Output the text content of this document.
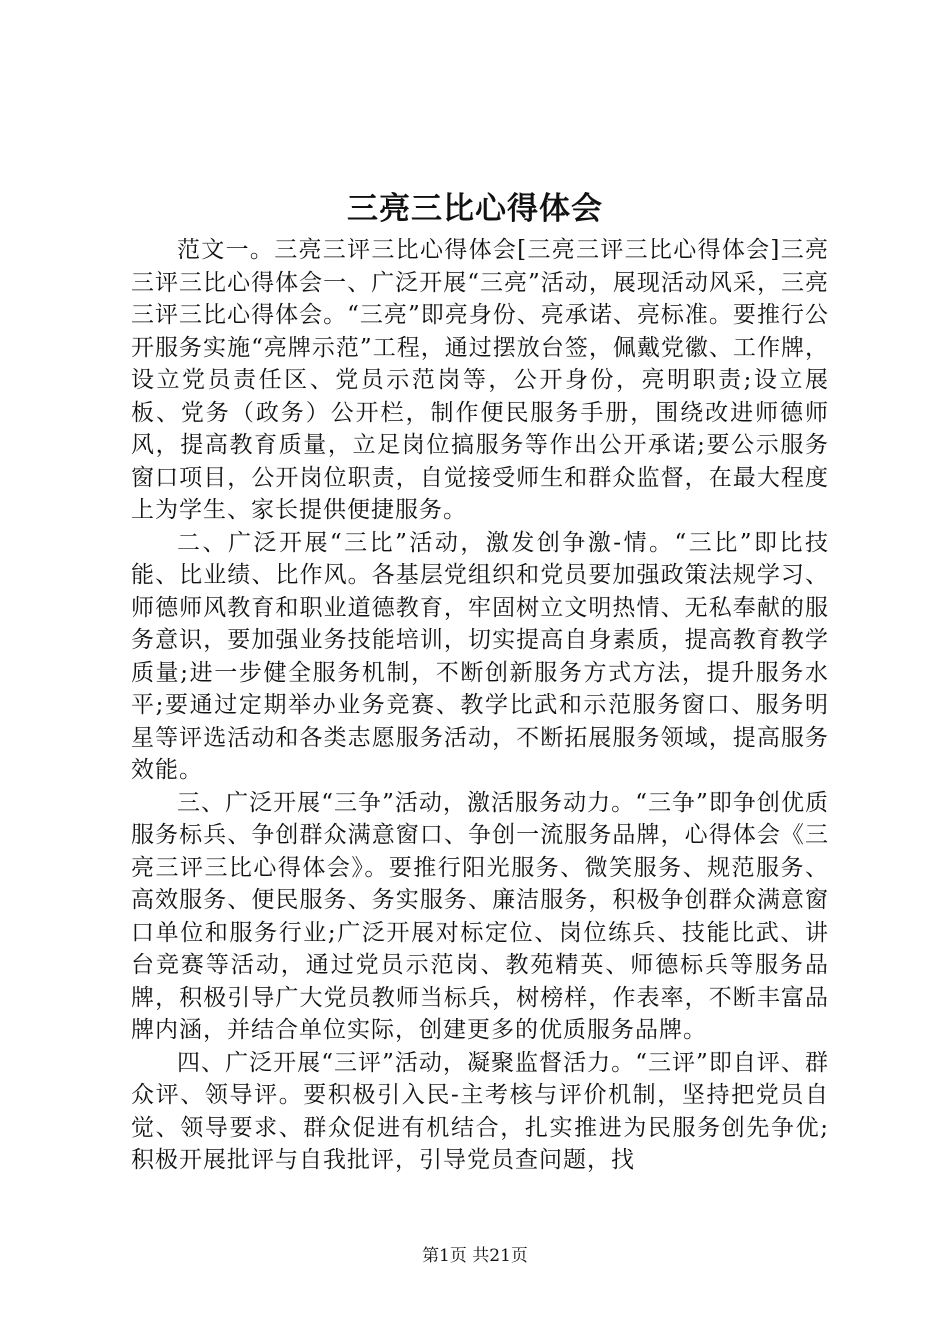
三亮三比心得体会

范文一。三亮三评三比心得体会[三亮三评三比心得体会]三亮三评三比心得体会一、广泛开展“三亮”活动，展现活动风采，三亮三评三比心得体会。“三亮”即亮身份、亮承诺、亮标准。要推行公开服务实施“亮牌示范”工程，通过摆放台签，佩戴党徽、工作牌，设立党员责任区、党员示范岗等，公开身份，亮明职责;设立展板、党务（政务）公开栏，制作便民服务手册，围绕改进师德师风，提高教育质量，立足岗位搞服务等作出公开承诺;要公示服务窗口项目，公开岗位职责，自觉接受师生和群众监督，在最大程度上为学生、家长提供便捷服务。

二、广泛开展“三比”活动，激发创争激-情。“三比”即比技能、比业绩、比作风。各基层党组织和党员要加强政策法规学习、师德师风教育和职业道德教育，牢固树立文明热情、无私奉献的服务意识，要加强业务技能培训，切实提高自身素质，提高教育教学质量;进一步健全服务机制，不断创新服务方式方法，提升服务水平;要通过定期举办业务竞赛、教学比武和示范服务窗口、服务明星等评选活动和各类志愿服务活动，不断拓展服务领域，提高服务效能。

三、广泛开展“三争”活动，激活服务动力。“三争”即争创优质服务标兵、争创群众满意窗口、争创一流服务品牌，心得体会《三亮三评三比心得体会》。要推行阳光服务、微笑服务、规范服务、高效服务、便民服务、务实服务、廉洁服务，积极争创群众满意窗口单位和服务行业;广泛开展对标定位、岗位练兵、技能比武、讲台竞赛等活动，通过党员示范岗、教苑精英、师德标兵等服务品牌，积极引导广大党员教师当标兵，树榜样，作表率，不断丰富品牌内涵，并结合单位实际，创建更多的优质服务品牌。

四、广泛开展“三评”活动，凝聚监督活力。“三评”即自评、群众评、领导评。要积极引入民-主考核与评价机制，坚持把党员自觉、领导要求、群众促进有机结合，扎实推进为民服务创先争优;积极开展批评与自我批评，引导党员查问题，找

第1页 共21页
